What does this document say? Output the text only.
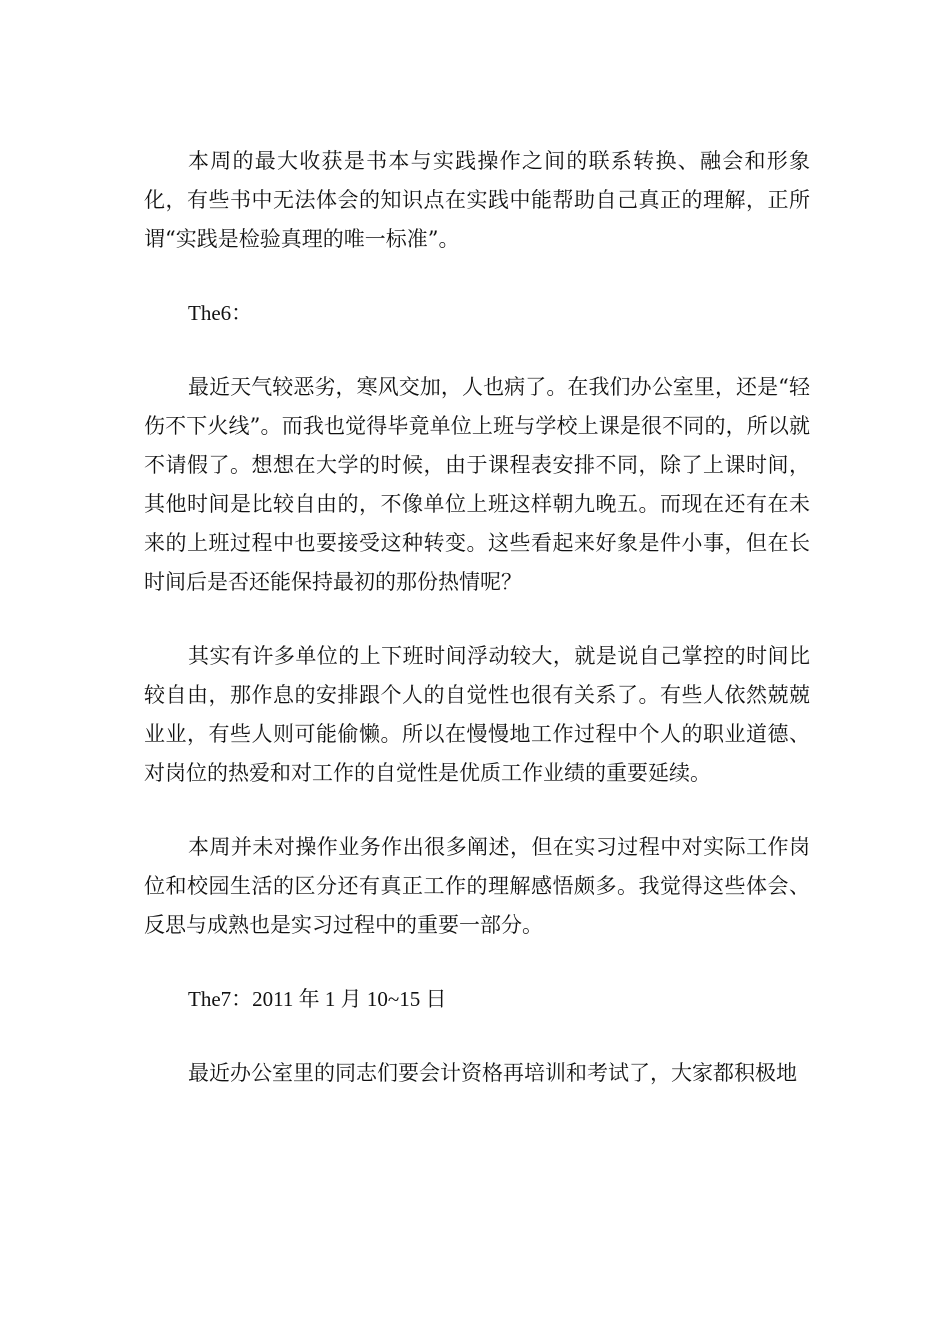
本周的最大收获是书本与实践操作之间的联系转换、融会和形象化，有些书中无法体会的知识点在实践中能帮助自己真正的理解，正所谓“实践是检验真理的唯一标准”。

The6：

最近天气较恶劣，寒风交加，人也病了。在我们办公室里，还是“轻伤不下火线”。而我也觉得毕竟单位上班与学校上课是很不同的，所以就不请假了。想想在大学的时候，由于课程表安排不同，除了上课时间，其他时间是比较自由的，不像单位上班这样朝九晚五。而现在还有在未来的上班过程中也要接受这种转变。这些看起来好象是件小事，但在长时间后是否还能保持最初的那份热情呢？

其实有许多单位的上下班时间浮动较大，就是说自己掌控的时间比较自由，那作息的安排跟个人的自觉性也很有关系了。有些人依然兢兢业业，有些人则可能偷懒。所以在慢慢地工作过程中个人的职业道德、对岗位的热爱和对工作的自觉性是优质工作业绩的重要延续。

本周并未对操作业务作出很多阐述，但在实习过程中对实际工作岗位和校园生活的区分还有真正工作的理解感悟颇多。我觉得这些体会、反思与成熟也是实习过程中的重要一部分。

The7：2011 年 1 月 10~15 日

最近办公室里的同志们要会计资格再培训和考试了，大家都积极地
